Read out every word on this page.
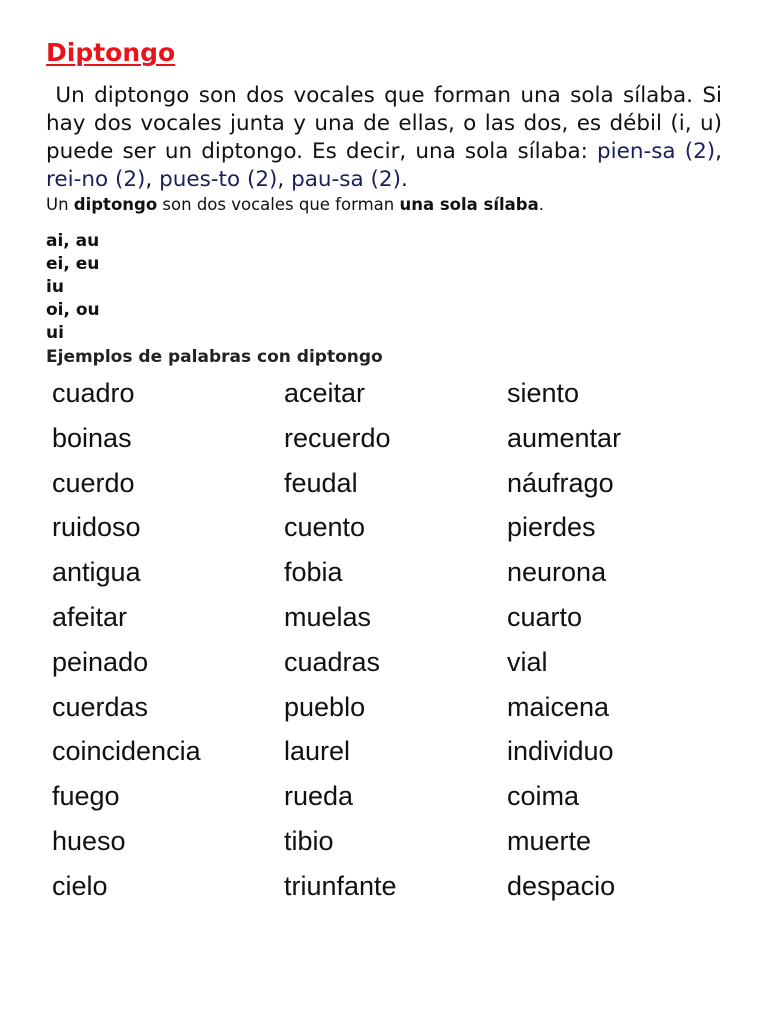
Diptongo

Un diptongo son dos vocales que forman una sola sílaba. Si hay dos vocales junta y una de ellas, o las dos, es débil (i, u) puede ser un diptongo. Es decir, una sola sílaba: pien-sa (2), rei-no (2), pues-to (2), pau-sa (2).

Un diptongo son dos vocales que forman una sola sílaba.

ai, au
ei, eu
iu
oi, ou
ui

Ejemplos de palabras con diptongo

cuadro	aceitar	siento
boinas	recuerdo	aumentar
cuerdo	feudal	náufrago
ruidoso	cuento	pierdes
antigua	fobia	neurona
afeitar	muelas	cuarto
peinado	cuadras	vial
cuerdas	pueblo	maicena
coincidencia	laurel	individuo
fuego	rueda	coima
hueso	tibio	muerte
cielo	triunfante	despacio
